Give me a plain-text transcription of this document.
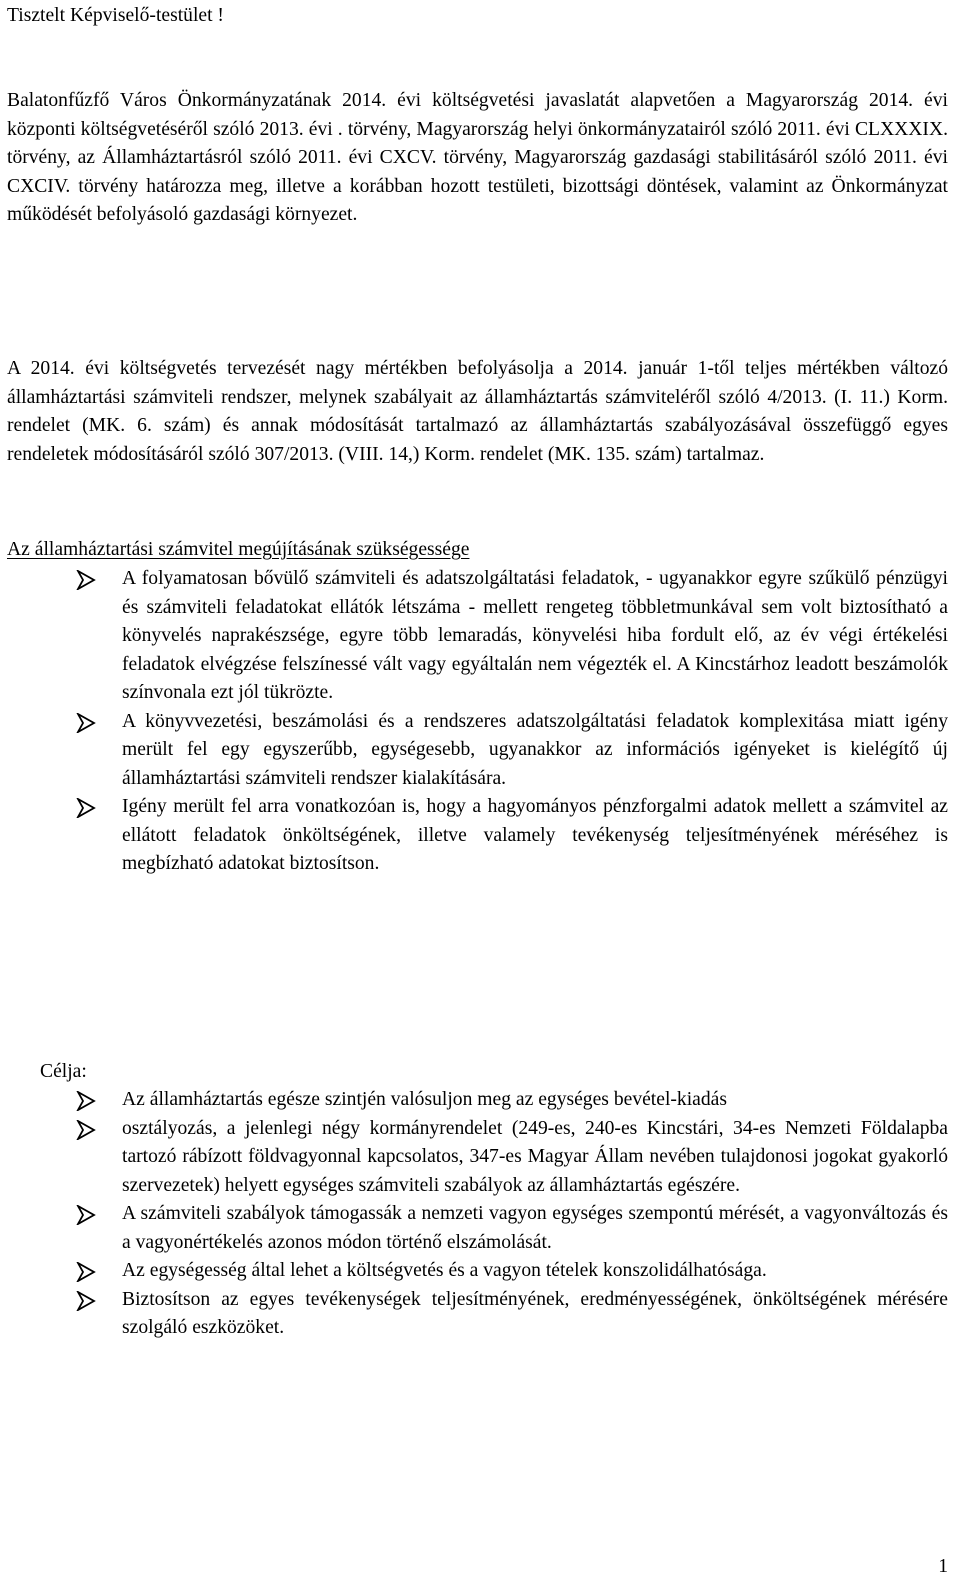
Tisztelt Képviselő-testület !

Balatonfűzfő Város Önkormányzatának 2014. évi költségvetési javaslatát alapvetően a Magyarország 2014. évi központi költségvetéséről szóló 2013. évi . törvény, Magyarország helyi önkormányzatairól szóló 2011. évi CLXXXIX. törvény, az Államháztartásról szóló 2011. évi CXCV. törvény, Magyarország gazdasági stabilitásáról szóló 2011. évi CXCIV. törvény határozza meg, illetve a korábban hozott testületi, bizottsági döntések, valamint az Önkormányzat működését befolyásoló gazdasági környezet.

A 2014. évi költségvetés tervezését nagy mértékben befolyásolja a 2014. január 1-től teljes mértékben változó államháztartási számviteli rendszer, melynek szabályait az államháztartás számviteléről szóló 4/2013. (I. 11.) Korm. rendelet (MK. 6. szám) és annak módosítását tartalmazó az államháztartás szabályozásával összefüggő egyes rendeletek módosításáról szóló 307/2013. (VIII. 14,) Korm. rendelet (MK. 135. szám) tartalmaz.

Az államháztartási számvitel megújításának szükségessége
A folyamatosan bővülő számviteli és adatszolgáltatási feladatok, - ugyanakkor egyre szűkülő pénzügyi és számviteli feladatokat ellátók létszáma - mellett rengeteg többletmunkával sem volt biztosítható a könyvelés naprakészsége, egyre több lemaradás, könyvelési hiba fordult elő, az év végi értékelési feladatok elvégzése felszínessé vált vagy egyáltalán nem végezték el. A Kincstárhoz leadott beszámolók színvonala ezt jól tükrözte.
A könyvvezetési, beszámolási és a rendszeres adatszolgáltatási feladatok komplexitása miatt igény merült fel egy egyszerűbb, egységesebb, ugyanakkor az információs igényeket is kielégítő új államháztartási számviteli rendszer kialakítására.
Igény merült fel arra vonatkozóan is, hogy a hagyományos pénzforgalmi adatok mellett a számvitel az ellátott feladatok önköltségének, illetve valamely tevékenység teljesítményének méréséhez is megbízható adatokat biztosítson.
Célja:
Az államháztartás egésze szintjén valósuljon meg az egységes bevétel-kiadás
osztályozás, a jelenlegi négy kormányrendelet (249-es, 240-es Kincstári, 34-es Nemzeti Földalapba tartozó rábízott földvagyonnal kapcsolatos, 347-es Magyar Állam nevében tulajdonosi jogokat gyakorló szervezetek) helyett egységes számviteli szabályok az államháztartás egészére.
A számviteli szabályok támogassák a nemzeti vagyon egységes szempontú mérését, a vagyonváltozás és a vagyonértékelés azonos módon történő elszámolását.
Az egységesség által lehet a költségvetés és a vagyon tételek konszolidálhatósága.
Biztosítson az egyes tevékenységek teljesítményének, eredményességének, önköltségének mérésére szolgáló eszközöket.
1
